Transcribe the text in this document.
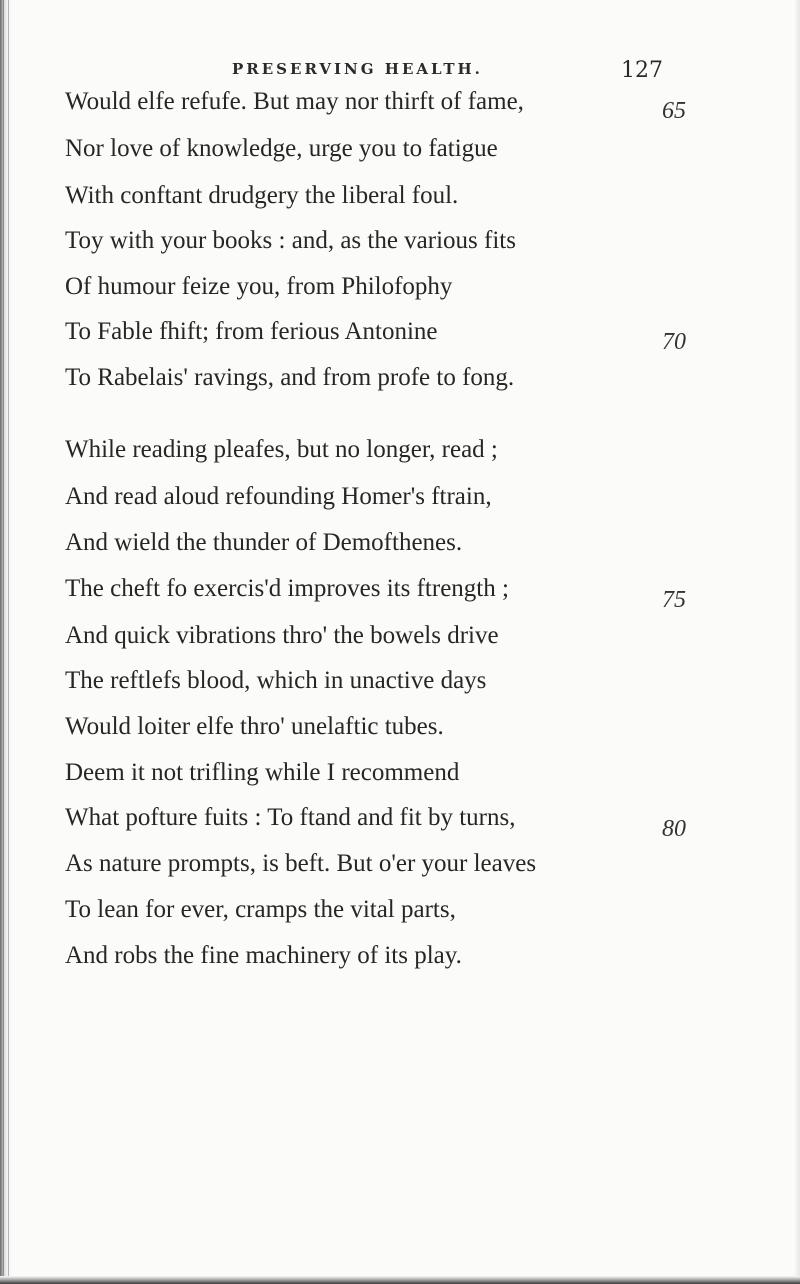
PRESERVING HEALTH.	127
Would elfe refufe. But may nor thirft of fame,
Nor love of knowledge, urge you to fatigue
With conftant drudgery the liberal foul.
Toy with your books : and, as the various fits
Of humour feize you, from Philofophy
To Fable fhift; from ferious Antonine
To Rabelais' ravings, and from profe to fong.
While reading pleafes, but no longer, read ;
And read aloud refounding Homer's ftrain,
And wield the thunder of Demofthenes.
The cheft fo exercis'd improves its ftrength ;
And quick vibrations thro' the bowels drive
The reftlefs blood, which in unactive days
Would loiter elfe thro' unelaftic tubes.
Deem it not trifling while I recommend
What pofture fuits : To ftand and fit by turns,
As nature prompts, is beft. But o'er your leaves
To lean for ever, cramps the vital parts,
And robs the fine machinery of its play.
65
70
75
80
